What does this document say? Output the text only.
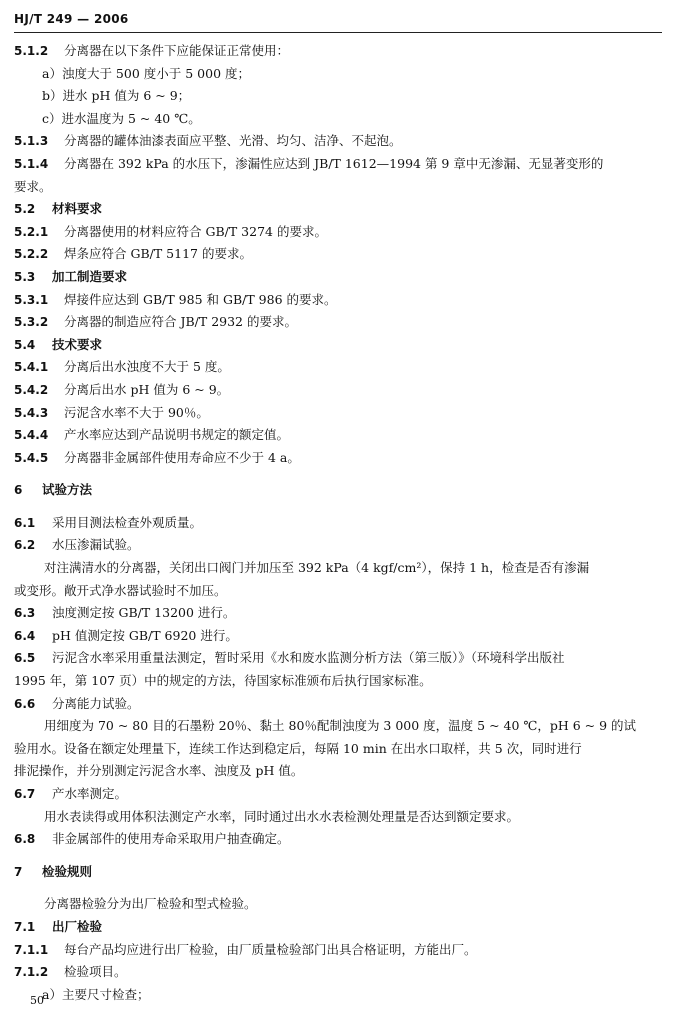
HJ/T 249 — 2006
5.1.2 分离器在以下条件下应能保证正常使用：
a）浊度大于 500 度小于 5 000 度；
b）进水 pH 值为 6 ~ 9；
c）进水温度为 5 ~ 40 ℃。
5.1.3 分离器的罐体油漆表面应平整、光滑、均匀、洁净、不起泡。
5.1.4 分离器在 392 kPa 的水压下，渗漏性应达到 JB/T 1612—1994 第 9 章中无渗漏、无显著变形的
要求。
5.2 材料要求
5.2.1 分离器使用的材料应符合 GB/T 3274 的要求。
5.2.2 焊条应符合 GB/T 5117 的要求。
5.3 加工制造要求
5.3.1 焊接件应达到 GB/T 985 和 GB/T 986 的要求。
5.3.2 分离器的制造应符合 JB/T 2932 的要求。
5.4 技术要求
5.4.1 分离后出水浊度不大于 5 度。
5.4.2 分离后出水 pH 值为 6 ~ 9。
5.4.3 污泥含水率不大于 90％。
5.4.4 产水率应达到产品说明书规定的额定值。
5.4.5 分离器非金属部件使用寿命应不少于 4 a。
6 试验方法
6.1 采用目测法检查外观质量。
6.2 水压渗漏试验。
对注满清水的分离器，关闭出口阀门并加压至 392 kPa（4 kgf/cm²），保持 1 h，检查是否有渗漏
或变形。敞开式净水器试验时不加压。
6.3 浊度测定按 GB/T 13200 进行。
6.4 pH 值测定按 GB/T 6920 进行。
6.5 污泥含水率采用重量法测定，暂时采用《水和废水监测分析方法（第三版）》（环境科学出版社
1995 年，第 107 页）中的规定的方法，待国家标准颁布后执行国家标准。
6.6 分离能力试验。
用细度为 70 ~ 80 目的石墨粉 20％、黏土 80％配制浊度为 3 000 度，温度 5 ~ 40 ℃，pH 6 ~ 9 的试
验用水。设备在额定处理量下，连续工作达到稳定后，每隔 10 min 在出水口取样，共 5 次，同时进行
排泥操作，并分别测定污泥含水率、浊度及 pH 值。
6.7 产水率测定。
用水表读得或用体积法测定产水率，同时通过出水水表检测处理量是否达到额定要求。
6.8 非金属部件的使用寿命采取用户抽查确定。
7 检验规则
分离器检验分为出厂检验和型式检验。
7.1 出厂检验
7.1.1 每台产品均应进行出厂检验，由厂质量检验部门出具合格证明，方能出厂。
7.1.2 检验项目。
a）主要尺寸检查；
50
